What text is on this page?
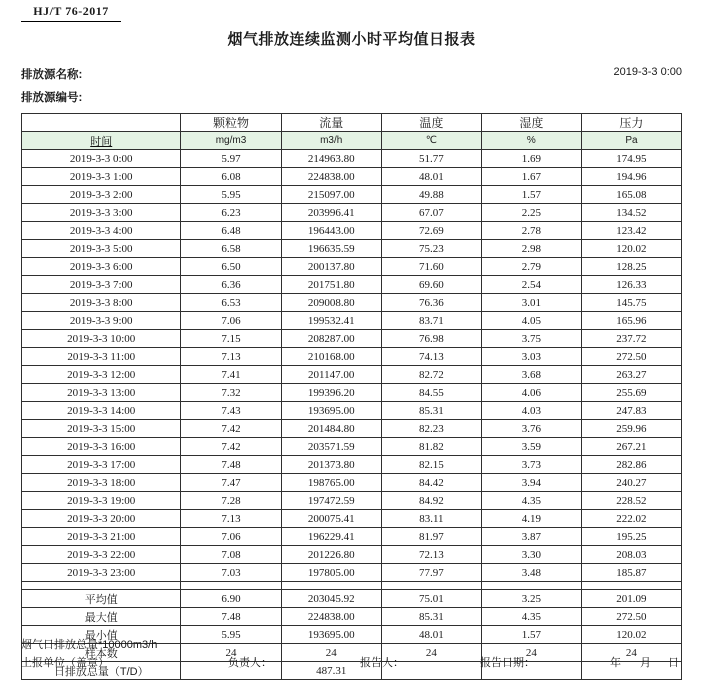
HJ/T 76-2017
烟气排放连续监测小时平均值日报表
排放源名称:
排放源编号:
2019-3-3 0:00
	颗粒物	流量	温度	湿度	压力
时间	mg/m3	m3/h	℃	%	Pa
2019-3-3 0:00	5.97	214963.80	51.77	1.69	174.95
2019-3-3 1:00	6.08	224838.00	48.01	1.67	194.96
2019-3-3 2:00	5.95	215097.00	49.88	1.57	165.08
2019-3-3 3:00	6.23	203996.41	67.07	2.25	134.52
2019-3-3 4:00	6.48	196443.00	72.69	2.78	123.42
2019-3-3 5:00	6.58	196635.59	75.23	2.98	120.02
2019-3-3 6:00	6.50	200137.80	71.60	2.79	128.25
2019-3-3 7:00	6.36	201751.80	69.60	2.54	126.33
2019-3-3 8:00	6.53	209008.80	76.36	3.01	145.75
2019-3-3 9:00	7.06	199532.41	83.71	4.05	165.96
2019-3-3 10:00	7.15	208287.00	76.98	3.75	237.72
2019-3-3 11:00	7.13	210168.00	74.13	3.03	272.50
2019-3-3 12:00	7.41	201147.00	82.72	3.68	263.27
2019-3-3 13:00	7.32	199396.20	84.55	4.06	255.69
2019-3-3 14:00	7.43	193695.00	85.31	4.03	247.83
2019-3-3 15:00	7.42	201484.80	82.23	3.76	259.96
2019-3-3 16:00	7.42	203571.59	81.82	3.59	267.21
2019-3-3 17:00	7.48	201373.80	82.15	3.73	282.86
2019-3-3 18:00	7.47	198765.00	84.42	3.94	240.27
2019-3-3 19:00	7.28	197472.59	84.92	4.35	228.52
2019-3-3 20:00	7.13	200075.41	83.11	4.19	222.02
2019-3-3 21:00	7.06	196229.41	81.97	3.87	195.25
2019-3-3 22:00	7.08	201226.80	72.13	3.30	208.03
2019-3-3 23:00	7.03	197805.00	77.97	3.48	185.87

平均值	6.90	203045.92	75.01	3.25	201.09
最大值	7.48	224838.00	85.31	4.35	272.50
最小值	5.95	193695.00	48.01	1.57	120.02
样本数	24	24	24	24	24
日排放总量（T/D）		487.31			
烟气日排放总量*10000m3/h
上报单位（盖章）	负责人：	报告人：	报告日期：	年 月 日
